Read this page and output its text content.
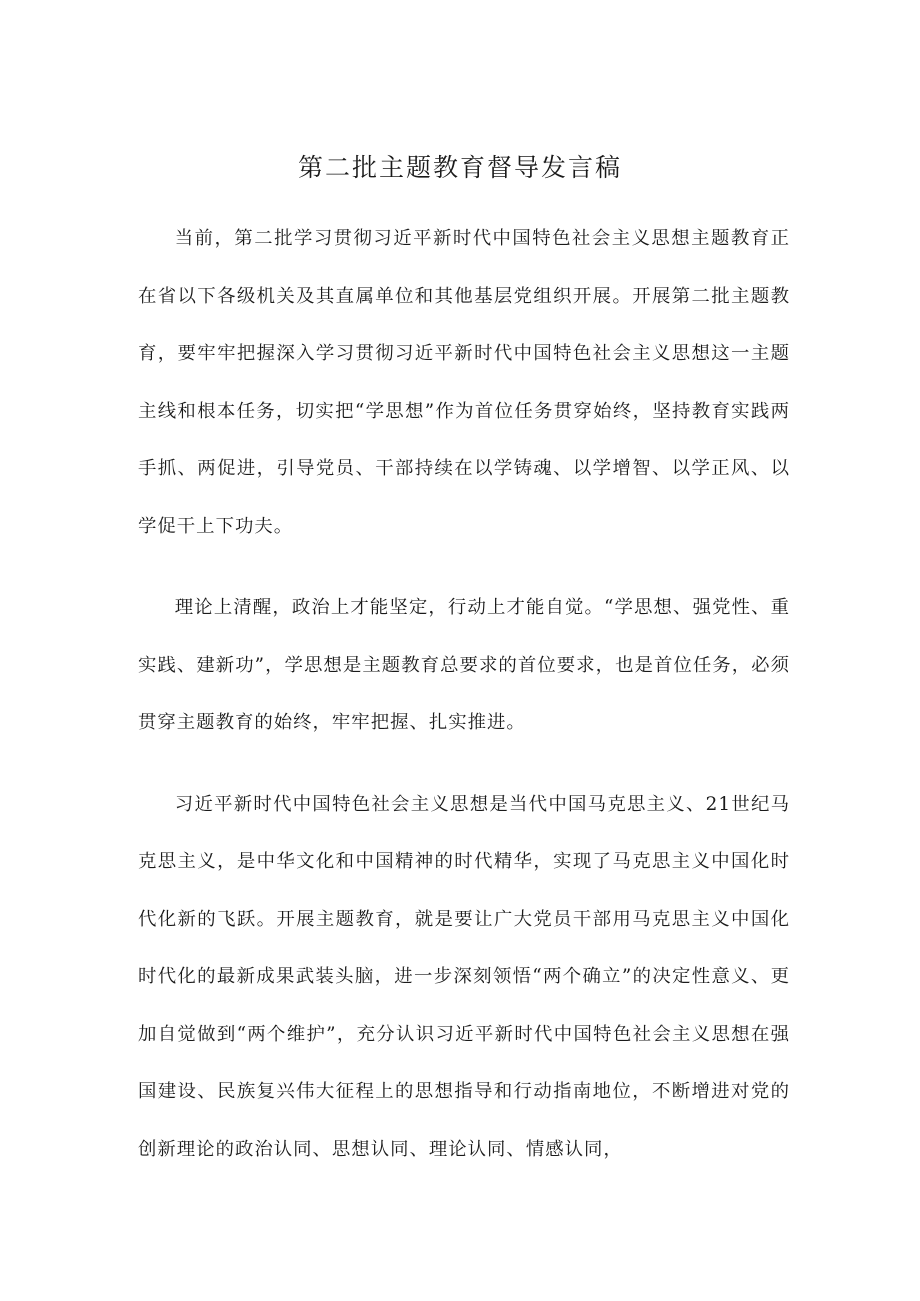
第二批主题教育督导发言稿

当前，第二批学习贯彻习近平新时代中国特色社会主义思想主题教育正在省以下各级机关及其直属单位和其他基层党组织开展。开展第二批主题教育，要牢牢把握深入学习贯彻习近平新时代中国特色社会主义思想这一主题主线和根本任务，切实把“学思想”作为首位任务贯穿始终，坚持教育实践两手抓、两促进，引导党员、干部持续在以学铸魂、以学增智、以学正风、以学促干上下功夫。

理论上清醒，政治上才能坚定，行动上才能自觉。“学思想、强党性、重实践、建新功”，学思想是主题教育总要求的首位要求，也是首位任务，必须贯穿主题教育的始终，牢牢把握、扎实推进。

习近平新时代中国特色社会主义思想是当代中国马克思主义、21世纪马克思主义，是中华文化和中国精神的时代精华，实现了马克思主义中国化时代化新的飞跃。开展主题教育，就是要让广大党员干部用马克思主义中国化时代化的最新成果武装头脑，进一步深刻领悟“两个确立”的决定性意义、更加自觉做到“两个维护”，充分认识习近平新时代中国特色社会主义思想在强国建设、民族复兴伟大征程上的思想指导和行动指南地位，不断增进对党的创新理论的政治认同、思想认同、理论认同、情感认同，
